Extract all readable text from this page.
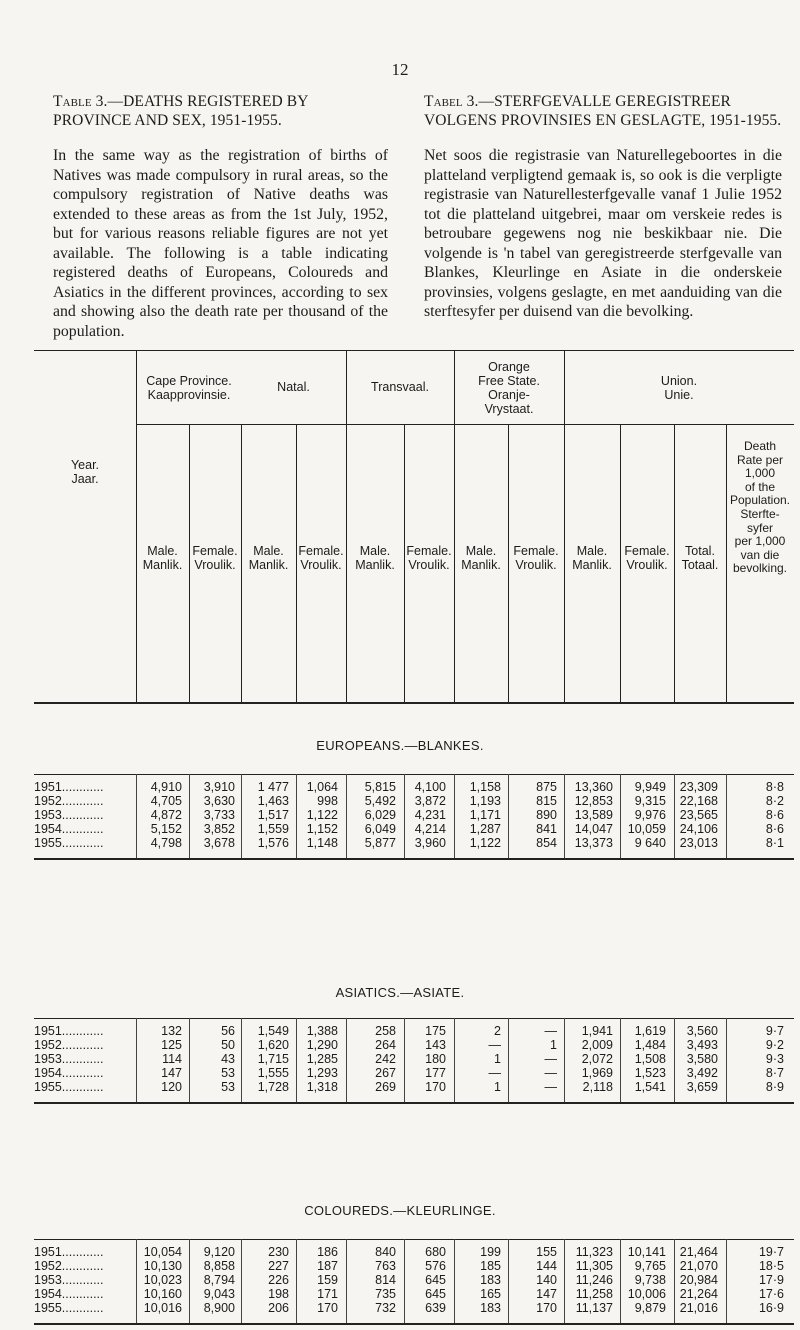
12

Table 3.—DEATHS REGISTERED BY PROVINCE AND SEX, 1951-1955.

In the same way as the registration of births of Natives was made compulsory in rural areas, so the compulsory registration of Native deaths was extended to these areas as from the 1st July, 1952, but for various reasons reliable figures are not yet available. The following is a table indicating registered deaths of Europeans, Coloureds and Asiatics in the different provinces, according to sex and showing also the death rate per thousand of the population.

Tabel 3.—STERFGEVALLE GEREGISTREER VOLGENS PROVINSIES EN GESLAGTE, 1951-1955.

Net soos die registrasie van Naturellegeboortes in die platteland verpligtend gemaak is, so ook is die verpligte registrasie van Naturellesterfgevalle vanaf 1 Julie 1952 tot die platteland uitgebrei, maar om verskeie redes is betroubare gegewens nog nie beskikbaar nie. Die volgende is 'n tabel van geregistreerde sterfgevalle van Blankes, Kleurlinge en Asiate in die onderskeie provinsies, volgens geslagte, en met aanduiding van die sterftesyfer per duisend van die bevolking.

Year.
Jaar.
Cape Province.
Kaapprovinsie.
Natal.	Transvaal.
Orange
Free State.
Oranje-
Vrystaat.
Union.
Unie.
Male.
Manlik.
Female.
Vroulik.
Male.
Manlik.
Female.
Vroulik.
Male.
Manlik.
Female.
Vroulik.
Male.
Manlik.
Female.
Vroulik.
Male.
Manlik.
Female.
Vroulik.
Total.
Totaal.
Death
Rate per
1,000
of the
Population.
Sterfte-
syfer
per 1,000
van die
bevolking.
EUROPEANS.—BLANKES.
1951............	4,910	3,910	1 477	1,064	5,815	4,100	1,158	875	13,360	9,949	23,309	8·8
1952............	4,705	3,630	1,463	998	5,492	3,872	1,193	815	12,853	9,315	22,168	8·2
1953............	4,872	3,733	1,517	1,122	6,029	4,231	1,171	890	13,589	9,976	23,565	8·6
1954............	5,152	3,852	1,559	1,152	6,049	4,214	1,287	841	14,047	10,059	24,106	8·6
1955............	4,798	3,678	1,576	1,148	5,877	3,960	1,122	854	13,373	9 640	23,013	8·1
ASIATICS.—ASIATE.
1951............	132	56	1,549	1,388	258	175	2	—	1,941	1,619	3,560	9·7
1952............	125	50	1,620	1,290	264	143	—	1	2,009	1,484	3,493	9·2
1953............	114	43	1,715	1,285	242	180	1	—	2,072	1,508	3,580	9·3
1954............	147	53	1,555	1,293	267	177	—	—	1,969	1,523	3,492	8·7
1955............	120	53	1,728	1,318	269	170	1	—	2,118	1,541	3,659	8·9
COLOUREDS.—KLEURLINGE.
1951............	10,054	9,120	230	186	840	680	199	155	11,323	10,141	21,464	19·7
1952............	10,130	8,858	227	187	763	576	185	144	11,305	9,765	21,070	18·5
1953............	10,023	8,794	226	159	814	645	183	140	11,246	9,738	20,984	17·9
1954............	10,160	9,043	198	171	735	645	165	147	11,258	10,006	21,264	17·6
1955............	10,016	8,900	206	170	732	639	183	170	11,137	9,879	21,016	16·9
